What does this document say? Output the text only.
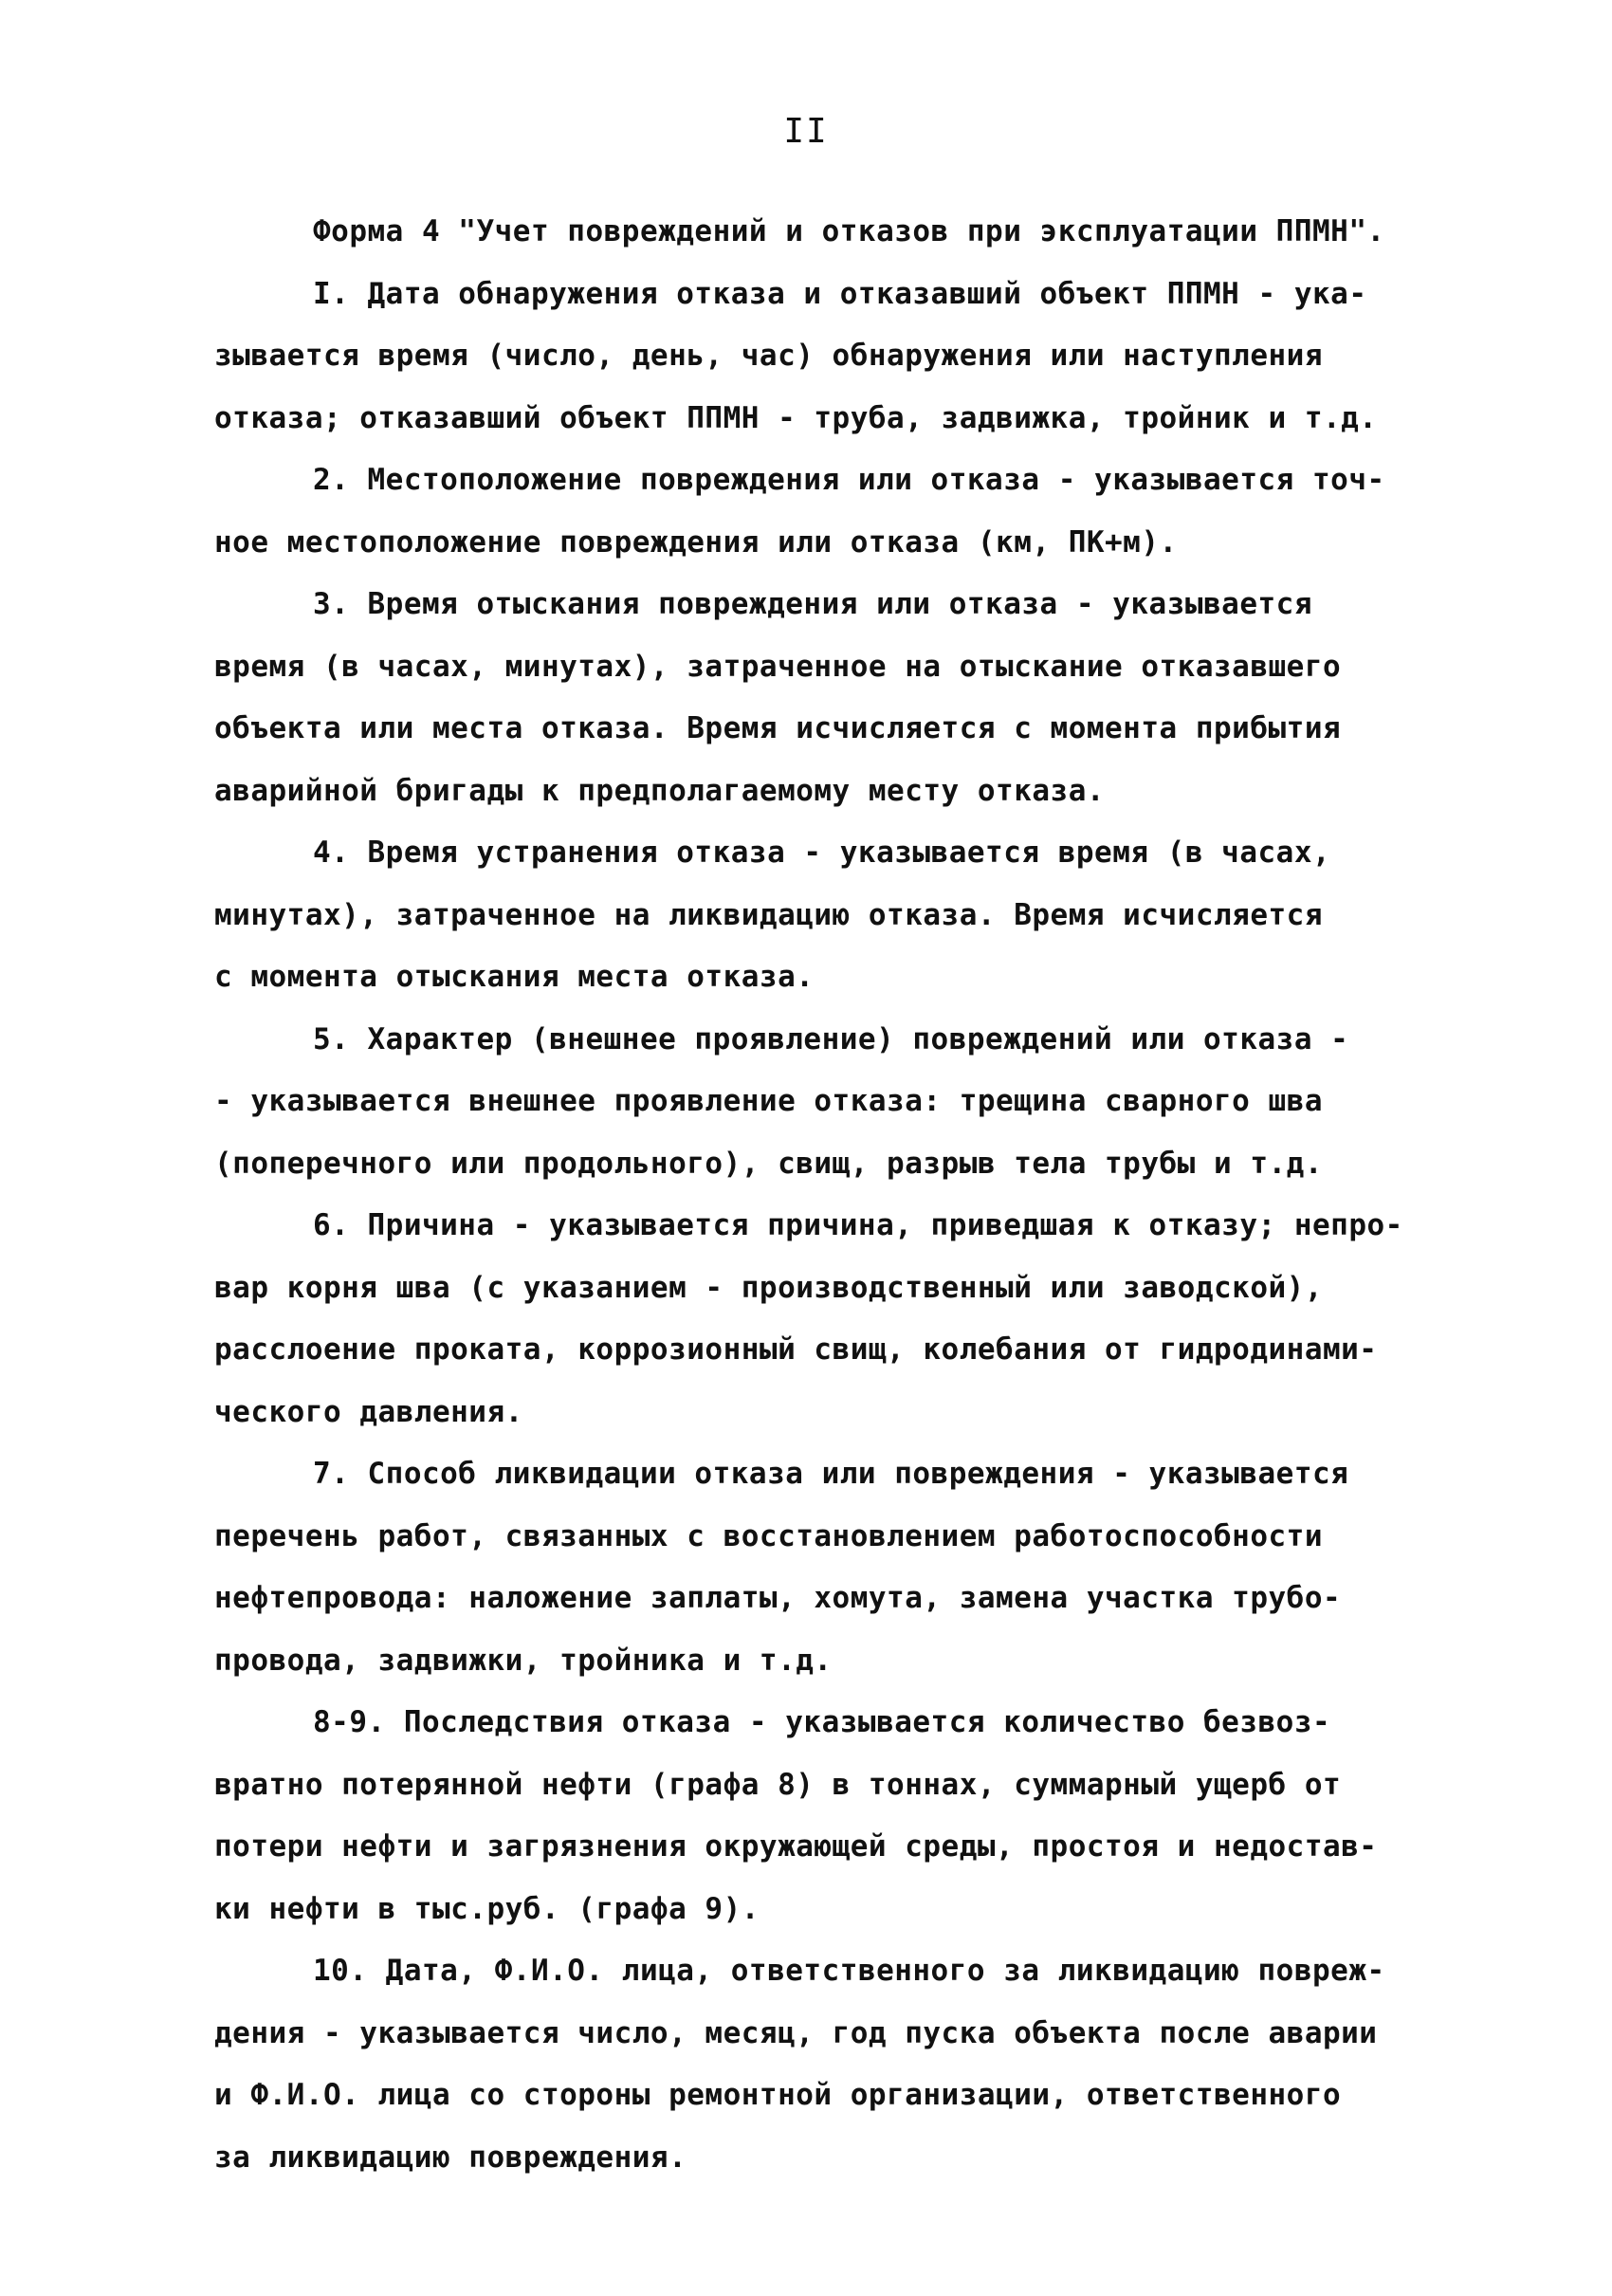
II
Форма 4 "Учет повреждений и отказов при эксплуатации ППМН".
I. Дата обнаружения отказа и отказавший объект ППМН - ука-
зывается время (число, день, час) обнаружения или наступления
отказа; отказавший объект ППМН - труба, задвижка, тройник и т.д.
2. Местоположение повреждения или отказа - указывается точ-
ное местоположение повреждения или отказа (км, ПК+м).
3. Время отыскания повреждения или отказа - указывается
время (в часах, минутах), затраченное на отыскание отказавшего
объекта или места отказа. Время исчисляется с момента прибытия
аварийной бригады к предполагаемому месту отказа.
4. Время устранения отказа - указывается время (в часах,
минутах), затраченное на ликвидацию отказа. Время исчисляется
с момента отыскания места отказа.
5. Характер (внешнее проявление) повреждений или отказа -
- указывается внешнее проявление отказа: трещина сварного шва
(поперечного или продольного), свищ, разрыв тела трубы и т.д.
6. Причина - указывается причина, приведшая к отказу; непро-
вар корня шва (с указанием - производственный или заводской),
расслоение проката, коррозионный свищ, колебания от гидродинами-
ческого давления.
7. Способ ликвидации отказа или повреждения - указывается
перечень работ, связанных с восстановлением работоспособности
нефтепровода: наложение заплаты, хомута, замена участка трубо-
провода, задвижки, тройника и т.д.
8-9. Последствия отказа - указывается количество безвоз-
вратно потерянной нефти (графа 8) в тоннах, суммарный ущерб от
потери нефти и загрязнения окружающей среды, простоя и недостав-
ки нефти в тыс.руб. (графа 9).
10. Дата, Ф.И.О. лица, ответственного за ликвидацию повреж-
дения - указывается число, месяц, год пуска объекта после аварии
и Ф.И.О. лица со стороны ремонтной организации, ответственного
за ликвидацию повреждения.
